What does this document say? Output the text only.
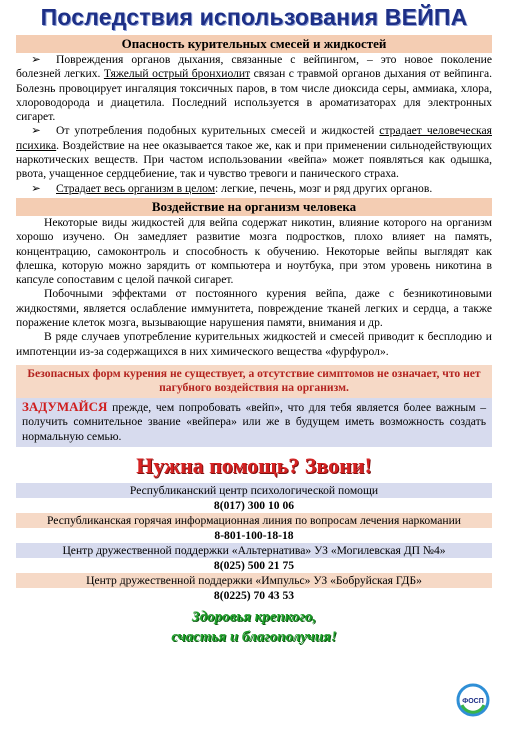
Последствия использования ВЕЙПА
Опасность курительных смесей и жидкостей

➢ Повреждения органов дыхания, связанные с вейпингом, – это новое поколение болезней легких. Тяжелый острый бронхиолит связан с травмой органов дыхания от вейпинга. Болезнь провоцирует ингаляция токсичных паров, в том числе диоксида серы, аммиака, хлора, хлороводорода и диацетила. Последний используется в ароматизаторах для электронных сигарет.

➢ От употребления подобных курительных смесей и жидкостей страдает человеческая психика. Воздействие на нее оказывается такое же, как и при применении сильнодействующих наркотических веществ. При частом использовании «вейпа» может появляться как одышка, рвота, учащенное сердцебиение, так и чувство тревоги и панического страха.

➢ Страдает весь организм в целом: легкие, печень, мозг и ряд других органов.

Воздействие на организм человека

Некоторые виды жидкостей для вейпа содержат никотин, влияние которого на организм хорошо изучено. Он замедляет развитие мозга подростков, плохо влияет на память, концентрацию, самоконтроль и способность к обучению. Некоторые вейпы выглядят как флешка, которую можно зарядить от компьютера и ноутбука, при этом уровень никотина в капсуле сопоставим с целой пачкой сигарет.

Побочными эффектами от постоянного курения вейпа, даже с безникотиновыми жидкостями, является ослабление иммунитета, повреждение тканей легких и сердца, а также поражение клеток мозга, вызывающие нарушения памяти, внимания и др.

В ряде случаев употребление курительных жидкостей и смесей приводит к бесплодию и импотенции из-за содержащихся в них химического вещества «фурфурол».

Безопасных форм курения не существует, а отсутствие симптомов не означает, что нет пагубного воздействия на организм.

ЗАДУМАЙСЯ прежде, чем попробовать «вейп», что для тебя является более важным – получить сомнительное звание «вейпера» или же в будущем иметь возможность создать нормальную семью.
Нужна помощь? Звони!
Республиканский центр психологической помощи
8(017) 300 10 06
Республиканская горячая информационная линия по вопросам лечения наркомании
8-801-100-18-18
Центр дружественной поддержки «Альтернатива» УЗ «Могилевская ДП №4»
8(025) 500 21 75
Центр дружественной поддержки «Импульс» УЗ «Бобруйская ГДБ»
8(0225) 70 43 53
Здоровья крепкого,
счастья и благополучия!
ФОСП
